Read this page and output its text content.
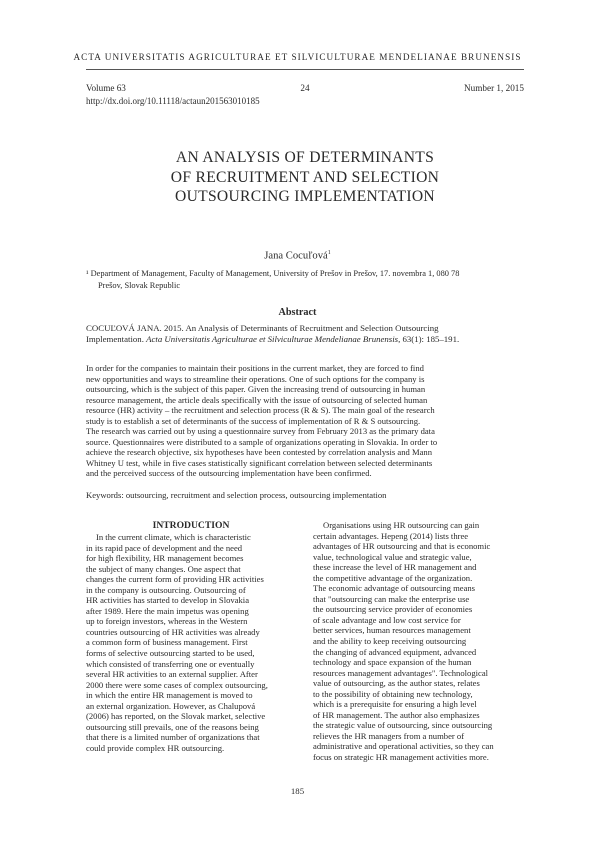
ACTA UNIVERSITATIS AGRICULTURAE ET SILVICULTURAE MENDELIANAE BRUNENSIS
24
Volume 63	Number 1, 2015
http://dx.doi.org/10.11118/actaun201563010185
AN ANALYSIS OF DETERMINANTS
OF RECRUITMENT AND SELECTION
OUTSOURCING IMPLEMENTATION
Jana Cocuľová$^1$
¹ Department of Management, Faculty of Management, University of Prešov in Prešov, 17. novembra 1, 080 78
Prešov, Slovak Republic
Abstract
COCUĽOVÁ JANA. 2015. An Analysis of Determinants of Recruitment and Selection Outsourcing
Implementation. Acta Universitatis Agriculturae et Silviculturae Mendelianae Brunensis, 63(1): 185–191.
In order for the companies to maintain their positions in the current market, they are forced to find
new opportunities and ways to streamline their operations. One of such options for the company is
outsourcing, which is the subject of this paper. Given the increasing trend of outsourcing in human
resource management, the article deals specifically with the issue of outsourcing of selected human
resource (HR) activity – the recruitment and selection process (R & S). The main goal of the research
study is to establish a set of determinants of the success of implementation of R & S outsourcing.
The research was carried out by using a questionnaire survey from February 2013 as the primary data
source. Questionnaires were distributed to a sample of organizations operating in Slovakia. In order to
achieve the research objective, six hypotheses have been contested by correlation analysis and Mann
Whitney U test, while in five cases statistically significant correlation between selected determinants
and the perceived success of the outsourcing implementation have been confirmed.
Keywords: outsourcing, recruitment and selection process, outsourcing implementation
INTRODUCTION
In the current climate, which is characteristic
in its rapid pace of development and the need
for high flexibility, HR management becomes
the subject of many changes. One aspect that
changes the current form of providing HR activities
in the company is outsourcing. Outsourcing of
HR activities has started to develop in Slovakia
after 1989. Here the main impetus was opening
up to foreign investors, whereas in the Western
countries outsourcing of HR activities was already
a common form of business management. First
forms of selective outsourcing started to be used,
which consisted of transferring one or eventually
several HR activities to an external supplier. After
2000 there were some cases of complex outsourcing,
in which the entire HR management is moved to
an external organization. However, as Chalupová
(2006) has reported, on the Slovak market, selective
outsourcing still prevails, one of the reasons being
that there is a limited number of organizations that
could provide complex HR outsourcing.
Organisations using HR outsourcing can gain
certain advantages. Hepeng (2014) lists three
advantages of HR outsourcing and that is economic
value, technological value and strategic value,
these increase the level of HR management and
the competitive advantage of the organization.
The economic advantage of outsourcing means
that "outsourcing can make the enterprise use
the outsourcing service provider of economies
of scale advantage and low cost service for
better services, human resources management
and the ability to keep receiving outsourcing
the changing of advanced equipment, advanced
technology and space expansion of the human
resources management advantages". Technological
value of outsourcing, as the author states, relates
to the possibility of obtaining new technology,
which is a prerequisite for ensuring a high level
of HR management. The author also emphasizes
the strategic value of outsourcing, since outsourcing
relieves the HR managers from a number of
administrative and operational activities, so they can
focus on strategic HR management activities more.
185
